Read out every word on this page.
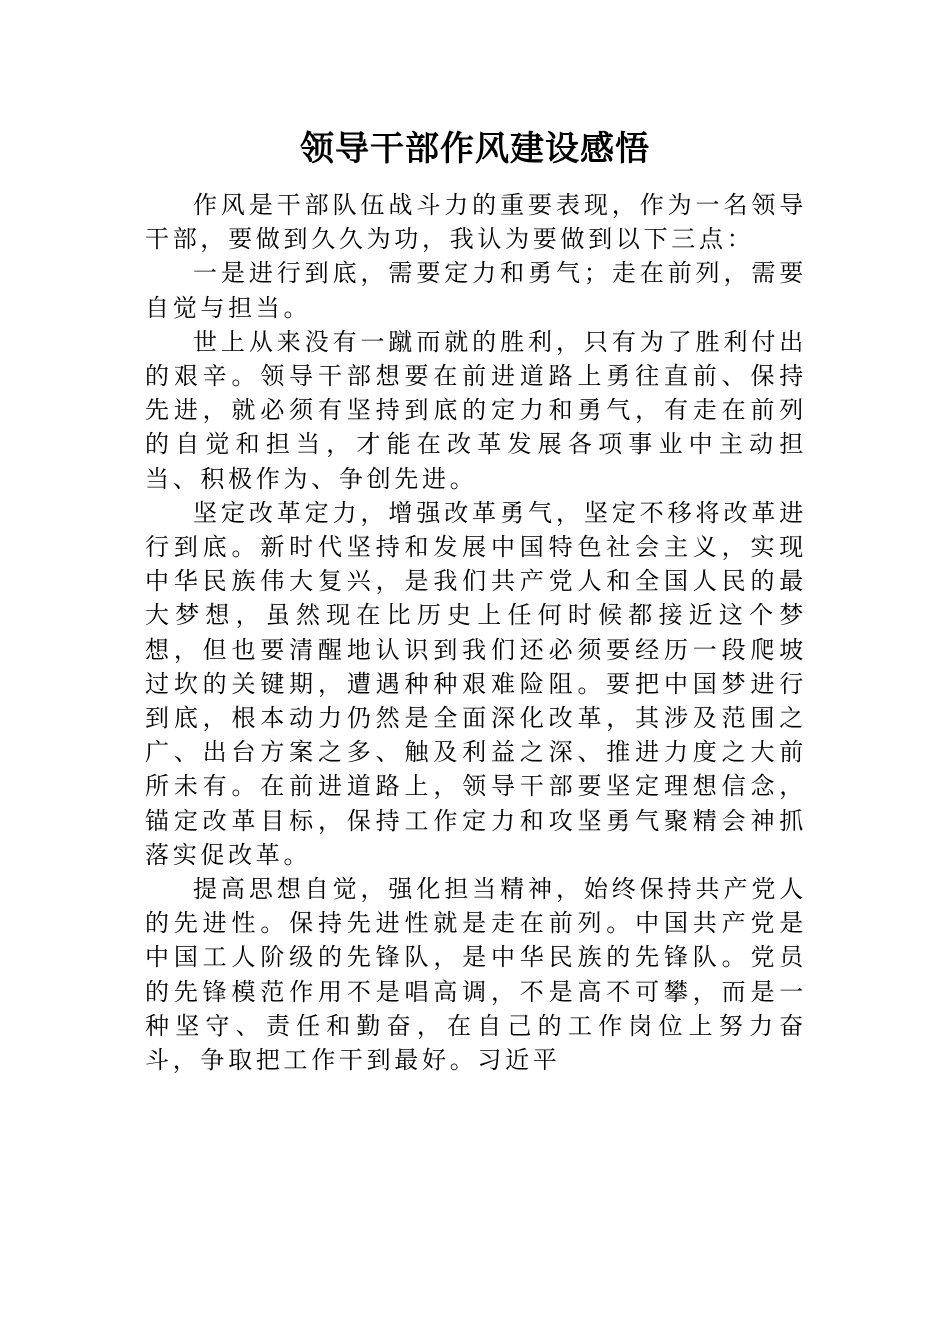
领导干部作风建设感悟

作风是干部队伍战斗力的重要表现，作为一名领导干部，要做到久久为功，我认为要做到以下三点：

一是进行到底，需要定力和勇气；走在前列，需要自觉与担当。

世上从来没有一蹴而就的胜利，只有为了胜利付出的艰辛。领导干部想要在前进道路上勇往直前、保持先进，就必须有坚持到底的定力和勇气，有走在前列的自觉和担当，才能在改革发展各项事业中主动担当、积极作为、争创先进。

坚定改革定力，增强改革勇气，坚定不移将改革进行到底。新时代坚持和发展中国特色社会主义，实现中华民族伟大复兴，是我们共产党人和全国人民的最大梦想，虽然现在比历史上任何时候都接近这个梦想，但也要清醒地认识到我们还必须要经历一段爬坡过坎的关键期，遭遇种种艰难险阻。要把中国梦进行到底，根本动力仍然是全面深化改革，其涉及范围之广、出台方案之多、触及利益之深、推进力度之大前所未有。在前进道路上，领导干部要坚定理想信念，锚定改革目标，保持工作定力和攻坚勇气聚精会神抓落实促改革。

提高思想自觉，强化担当精神，始终保持共产党人的先进性。保持先进性就是走在前列。中国共产党是中国工人阶级的先锋队，是中华民族的先锋队。党员的先锋模范作用不是唱高调，不是高不可攀，而是一种坚守、责任和勤奋，在自己的工作岗位上努力奋斗，争取把工作干到最好。习近平
